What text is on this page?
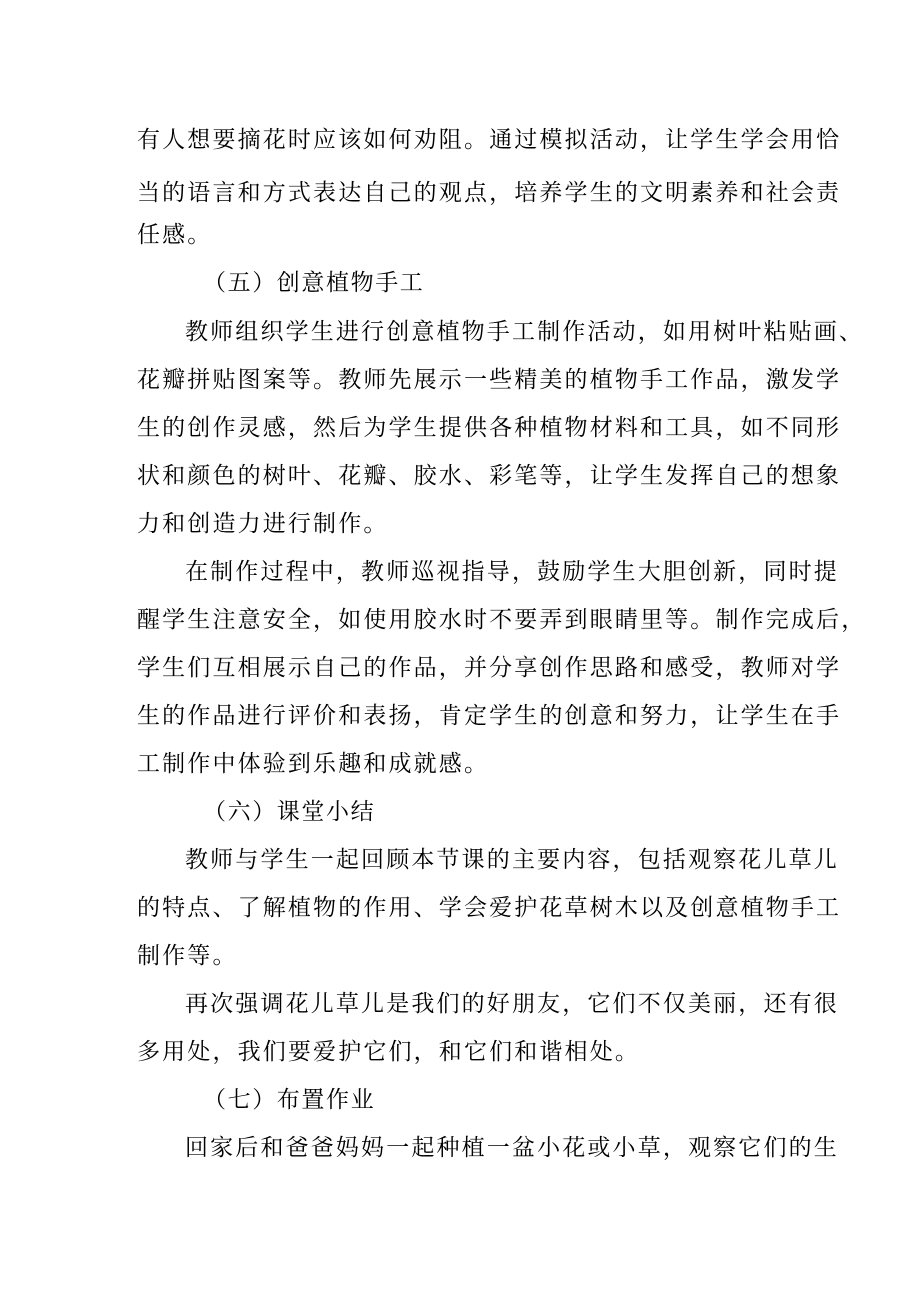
有人想要摘花时应该如何劝阻。通过模拟活动，让学生学会用恰

当的语言和方式表达自己的观点，培养学生的文明素养和社会责

任感。

（五）创意植物手工

教师组织学生进行创意植物手工制作活动，如用树叶粘贴画、

花瓣拼贴图案等。教师先展示一些精美的植物手工作品，激发学

生的创作灵感，然后为学生提供各种植物材料和工具，如不同形

状和颜色的树叶、花瓣、胶水、彩笔等，让学生发挥自己的想象

力和创造力进行制作。

在制作过程中，教师巡视指导，鼓励学生大胆创新，同时提

醒学生注意安全，如使用胶水时不要弄到眼睛里等。制作完成后，

学生们互相展示自己的作品，并分享创作思路和感受，教师对学

生的作品进行评价和表扬，肯定学生的创意和努力，让学生在手

工制作中体验到乐趣和成就感。

（六）课堂小结

教师与学生一起回顾本节课的主要内容，包括观察花儿草儿

的特点、了解植物的作用、学会爱护花草树木以及创意植物手工

制作等。

再次强调花儿草儿是我们的好朋友，它们不仅美丽，还有很

多用处，我们要爱护它们，和它们和谐相处。

（七）布置作业

回家后和爸爸妈妈一起种植一盆小花或小草，观察它们的生
